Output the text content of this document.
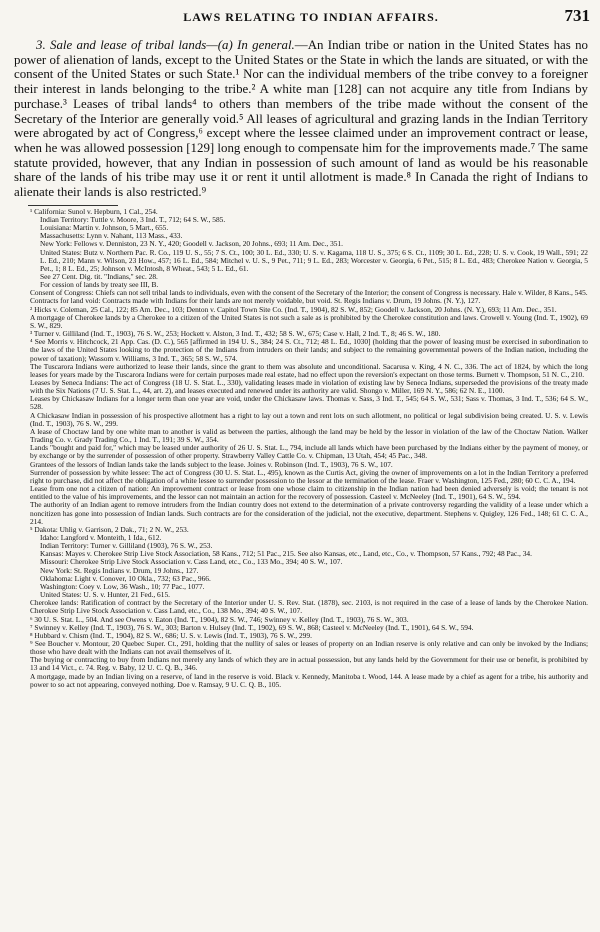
LAWS RELATING TO INDIAN AFFAIRS.	731

3. Sale and lease of tribal lands—(a) In general.—An Indian tribe or nation in the United States has no power of alienation of lands, except to the United States or the State in which the lands are situated, or with the consent of the United States or such State.¹ Nor can the individual members of the tribe convey to a foreigner their interest in lands belonging to the tribe.² A white man [128] can not acquire any title from Indians by purchase.³ Leases of tribal lands⁴ to others than members of the tribe made without the consent of the Secretary of the Interior are generally void.⁵ All leases of agricultural and grazing lands in the Indian Territory were abrogated by act of Congress,⁶ except where the lessee claimed under an improvement contract or lease, when he was allowed possession [129] long enough to compensate him for the improvements made.⁷ The same statute provided, however, that any Indian in possession of such amount of land as would be his reasonable share of the lands of his tribe may use it or rent it until allotment is made.⁸ In Canada the right of Indians to alienate their lands is also restricted.⁹

¹ California: Sunol v. Hepburn, 1 Cal., 254.

Indian Territory: Tuttle v. Moore, 3 Ind. T., 712; 64 S. W., 585.

Louisiana: Martin v. Johnson, 5 Mart., 655.

Massachusetts: Lynn v. Nahant, 113 Mass., 433.

New York: Fellows v. Denniston, 23 N. Y., 420; Goodell v. Jackson, 20 Johns., 693; 11 Am. Dec., 351.

United States: Butz v. Northern Pac. R. Co., 119 U. S., 55; 7 S. Ct., 100; 30 L. Ed., 330; U. S. v. Kagama, 118 U. S., 375; 6 S. Ct., 1109; 30 L. Ed., 228; U. S. v. Cook, 19 Wall., 591; 22 L. Ed., 210; Mann v. Wilson, 23 How., 457; 16 L. Ed., 584; Mitchel v. U. S., 9 Pet., 711; 9 L. Ed., 283; Worcester v. Georgia, 6 Pet., 515; 8 L. Ed., 483; Cherokee Nation v. Georgia, 5 Pet., 1; 8 L. Ed., 25; Johnson v. McIntosh, 8 Wheat., 543; 5 L. Ed., 61.

See 27 Cent. Dig. tit. "Indians," sec. 28.

For cession of lands by treaty see III, B.

Consent of Congress: Chiefs can not sell tribal lands to individuals, even with the consent of the Secretary of the Interior; the consent of Congress is necessary. Hale v. Wilder, 8 Kans., 545.

Contracts for land void: Contracts made with Indians for their lands are not merely voidable, but void. St. Regis Indians v. Drum, 19 Johns. (N. Y.), 127.

² Hicks v. Coleman, 25 Cal., 122; 85 Am. Dec., 103; Denton v. Capitol Town Site Co. (Ind. T., 1904), 82 S. W., 852; Goodell v. Jackson, 20 Johns. (N. Y.), 693; 11 Am. Dec., 351.

A mortgage of Cherokee lands by a Cherokee to a citizen of the United States is not such a sale as is prohibited by the Cherokee constitution and laws. Crowell v. Young (Ind. T., 1902), 69 S. W., 829.

³ Turner v. Gilliland (Ind. T., 1903), 76 S. W., 253; Hockett v. Alston, 3 Ind. T., 432; 58 S. W., 675; Case v. Hall, 2 Ind. T., 8; 46 S. W., 180.

⁴ See Morris v. Hitchcock, 21 App. Cas. (D. C.), 565 [affirmed in 194 U. S., 384; 24 S. Ct., 712; 48 L. Ed., 1030] (holding that the power of leasing must be exercised in subordination to the laws of the United States looking to the protection of the Indians from intruders on their lands; and subject to the remaining governmental powers of the Indian nation, including the power of taxation); Wassom v. Williams, 3 Ind. T., 365; 58 S. W., 574.

The Tuscarora Indians were authorized to lease their lands, since the grant to them was absolute and unconditional. Sacarusa v. King, 4 N. C., 336. The act of 1824, by which the long leases for years made by the Tuscarora Indians were for certain purposes made real estate, had no effect upon the reversion's expectant on those terms. Burnett v. Thompson, 51 N. C., 210.

Leases by Seneca Indians: The act of Congress (18 U. S. Stat. L., 330), validating leases made in violation of existing law by Seneca Indians, superseded the provisions of the treaty made with the Six Nations (7 U. S. Stat. L., 44, art. 2), and leases executed and renewed under its authority are valid. Shongo v. Miller, 169 N. Y., 586; 62 N. E., 1100.

Leases by Chickasaw Indians for a longer term than one year are void, under the Chickasaw laws. Thomas v. Sass, 3 Ind. T., 545; 64 S. W., 531; Sass v. Thomas, 3 Ind. T., 536; 64 S. W., 528.

A Chickasaw Indian in possession of his prospective allotment has a right to lay out a town and rent lots on such allotment, no political or legal subdivision being created. U. S. v. Lewis (Ind. T., 1903), 76 S. W., 299.

A lease of Choctaw land by one white man to another is valid as between the parties, although the land may be held by the lessor in violation of the law of the Choctaw Nation. Walker Trading Co. v. Grady Trading Co., 1 Ind. T., 191; 39 S. W., 354.

Lands "bought and paid for," which may be leased under authority of 26 U. S. Stat. L., 794, include all lands which have been purchased by the Indians either by the payment of money, or by exchange or by the surrender of possession of other property. Strawberry Valley Cattle Co. v. Chipman, 13 Utah, 454; 45 Pac., 348.

Grantees of the lessors of Indian lands take the lands subject to the lease. Joines v. Robinson (Ind. T., 1903), 76 S. W., 107.

Surrender of possession by white lessee: The act of Congress (30 U. S. Stat. L., 495), known as the Curtis Act, giving the owner of improvements on a lot in the Indian Territory a preferred right to purchase, did not affect the obligation of a white lessee to surrender possession to the lessor at the termination of the lease. Fraer v. Washington, 125 Fed., 280; 60 C. C. A., 194.

Lease from one not a citizen of nation: An improvement contract or lease from one whose claim to citizenship in the Indian nation had been denied adversely is void; the tenant is not entitled to the value of his improvements, and the lessor can not maintain an action for the recovery of possession. Casteel v. McNeeley (Ind. T., 1901), 64 S. W., 594.

The authority of an Indian agent to remove intruders from the Indian country does not extend to the determination of a private controversy regarding the validity of a lease under which a noncitizen has gone into possession of Indian lands. Such contracts are for the consideration of the judicial, not the executive, department. Stephens v. Quigley, 126 Fed., 148; 61 C. C. A., 214.

⁵ Dakota: Uhlig v. Garrison, 2 Dak., 71; 2 N. W., 253.

Idaho: Langford v. Monteith, 1 Ida., 612.

Indian Territory: Turner v. Gilliland (1903), 76 S. W., 253.

Kansas: Mayes v. Cherokee Strip Live Stock Association, 58 Kans., 712; 51 Pac., 215. See also Kansas, etc., Land, etc., Co., v. Thompson, 57 Kans., 792; 48 Pac., 34.

Missouri: Cherokee Strip Live Stock Association v. Cass Land, etc., Co., 133 Mo., 394; 40 S. W., 107.

New York: St. Regis Indians v. Drum, 19 Johns., 127.

Oklahoma: Light v. Conover, 10 Okla., 732; 63 Pac., 966.

Washington: Coey v. Low, 36 Wash., 10; 77 Pac., 1077.

United States: U. S. v. Hunter, 21 Fed., 615.

Cherokee lands: Ratification of contract by the Secretary of the Interior under U. S. Rev. Stat. (1878), sec. 2103, is not required in the case of a lease of lands by the Cherokee Nation. Cherokee Strip Live Stock Association v. Cass Land, etc., Co., 138 Mo., 394; 40 S. W., 107.

⁶ 30 U. S. Stat. L., 504. And see Owens v. Eaton (Ind. T., 1904), 82 S. W., 746; Swinney v. Kelley (Ind. T., 1903), 76 S. W., 303.

⁷ Swinney v. Kelley (Ind. T., 1903), 76 S. W., 303; Barton v. Hulsey (Ind. T., 1902), 69 S. W., 868; Casteel v. McNeeley (Ind. T., 1901), 64 S. W., 594.

⁸ Hubbard v. Chism (Ind. T., 1904), 82 S. W., 686; U. S. v. Lewis (Ind. T., 1903), 76 S. W., 299.

⁹ See Boucher v. Montour, 20 Quebec Super. Ct., 291, holding that the nullity of sales or leases of property on an Indian reserve is only relative and can only be invoked by the Indians; those who have dealt with the Indians can not avail themselves of it.

The buying or contracting to buy from Indians not merely any lands of which they are in actual possession, but any lands held by the Government for their use or benefit, is prohibited by 13 and 14 Vict., c. 74. Reg. v. Baby, 12 U. C. Q. B., 346.

A mortgage, made by an Indian living on a reserve, of land in the reserve is void. Black v. Kennedy, Manitoba t. Wood, 144. A lease made by a chief as agent for a tribe, his authority and power to so act not appearing, conveyed nothing. Doe v. Ramsay, 9 U. C. Q. B., 105.
